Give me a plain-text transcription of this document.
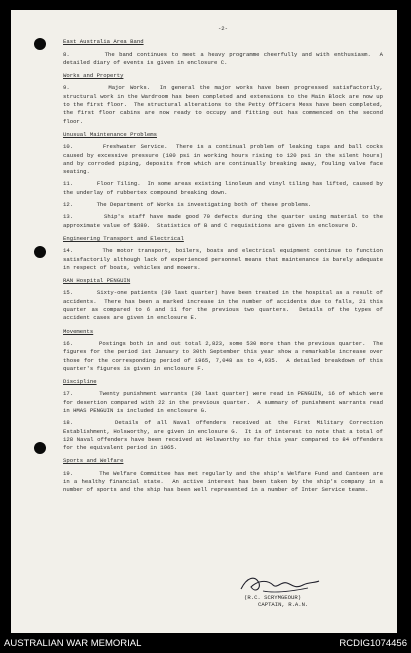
-2-
East Australia Area Band
8.        The band continues to meet a heavy programme cheerfully and with enthusiasm.  A detailed diary of events is given in enclosure C.
Works and Property
9.        Major Works.  In general the major works have been progressed satisfactorily, structural work in the Wardroom has been completed and extensions to the Main Block are now up to the first floor.  The structural alterations to the Petty Officers Mess have been completed, the first floor cabins are now ready to occupy and fitting out has commenced on the second floor.
Unusual Maintenance Problems
10.       Freshwater Service.  There is a continual problem of leaking taps and ball cocks caused by excessive pressure (100 psi in working hours rising to 120 psi in the silent hours) and by corroded piping, deposits from which are continually breaking away, fouling valve face seating.
11.       Floor Tiling.  In some areas existing linoleum and vinyl tiling has lifted, caused by the underlay of rubbertex compound breaking down.
12.       The Department of Works is investigating both of these problems.
13.       Ship's staff have made good 70 defects during the quarter using material to the approximate value of $380.  Statistics of B and C requisitions are given in enclosure D.
Engineering Transport and Electrical
14.       The motor transport, boilers, boats and electrical equipment continue to function satisfactorily although lack of experienced personnel means that maintenance is barely adequate in respect of boats, vehicles and mowers.
RAN Hospital PENGUIN
15.       Sixty-one patients (39 last quarter) have been treated in the hospital as a result of accidents.  There has been a marked increase in the number of accidents due to falls, 21 this quarter as compared to 6 and 11 for the previous two quarters.  Details of the types of accident cases are given in enclosure E.
Movements
16.       Postings both in and out total 2,823, some 530 more than the previous quarter.  The figures for the period 1st January to 30th September this year show a remarkable increase over those for the corresponding period of 1965, 7,048 as to 4,935.  A detailed breakdown of this quarter's figures is given in enclosure F.
Discipline
17.       Twenty punishment warrants (30 last quarter) were read in PENGUIN, 16 of which were for desertion compared with 22 in the previous quarter.  A summary of punishment warrants read in HMAS PENGUIN is included in enclosure G.
18.       Details of all Naval offenders received at the First Military Correction Establishment, Holsworthy, are given in enclosure G.  It is of interest to note that a total of 128 Naval offenders have been received at Holsworthy so far this year compared to 84 offenders for the equivalent period in 1965.
Sports and Welfare
19.       The Welfare Committee has met regularly and the ship's Welfare Fund and Canteen are in a healthy financial state.  An active interest has been taken by the ship's company in a number of sports and the ship has been well represented in a number of Inter Service teams.
(R.C. SCRYMGEOUR)
CAPTAIN, R.A.N.
AUSTRALIAN WAR MEMORIAL	RCDIG1074456
